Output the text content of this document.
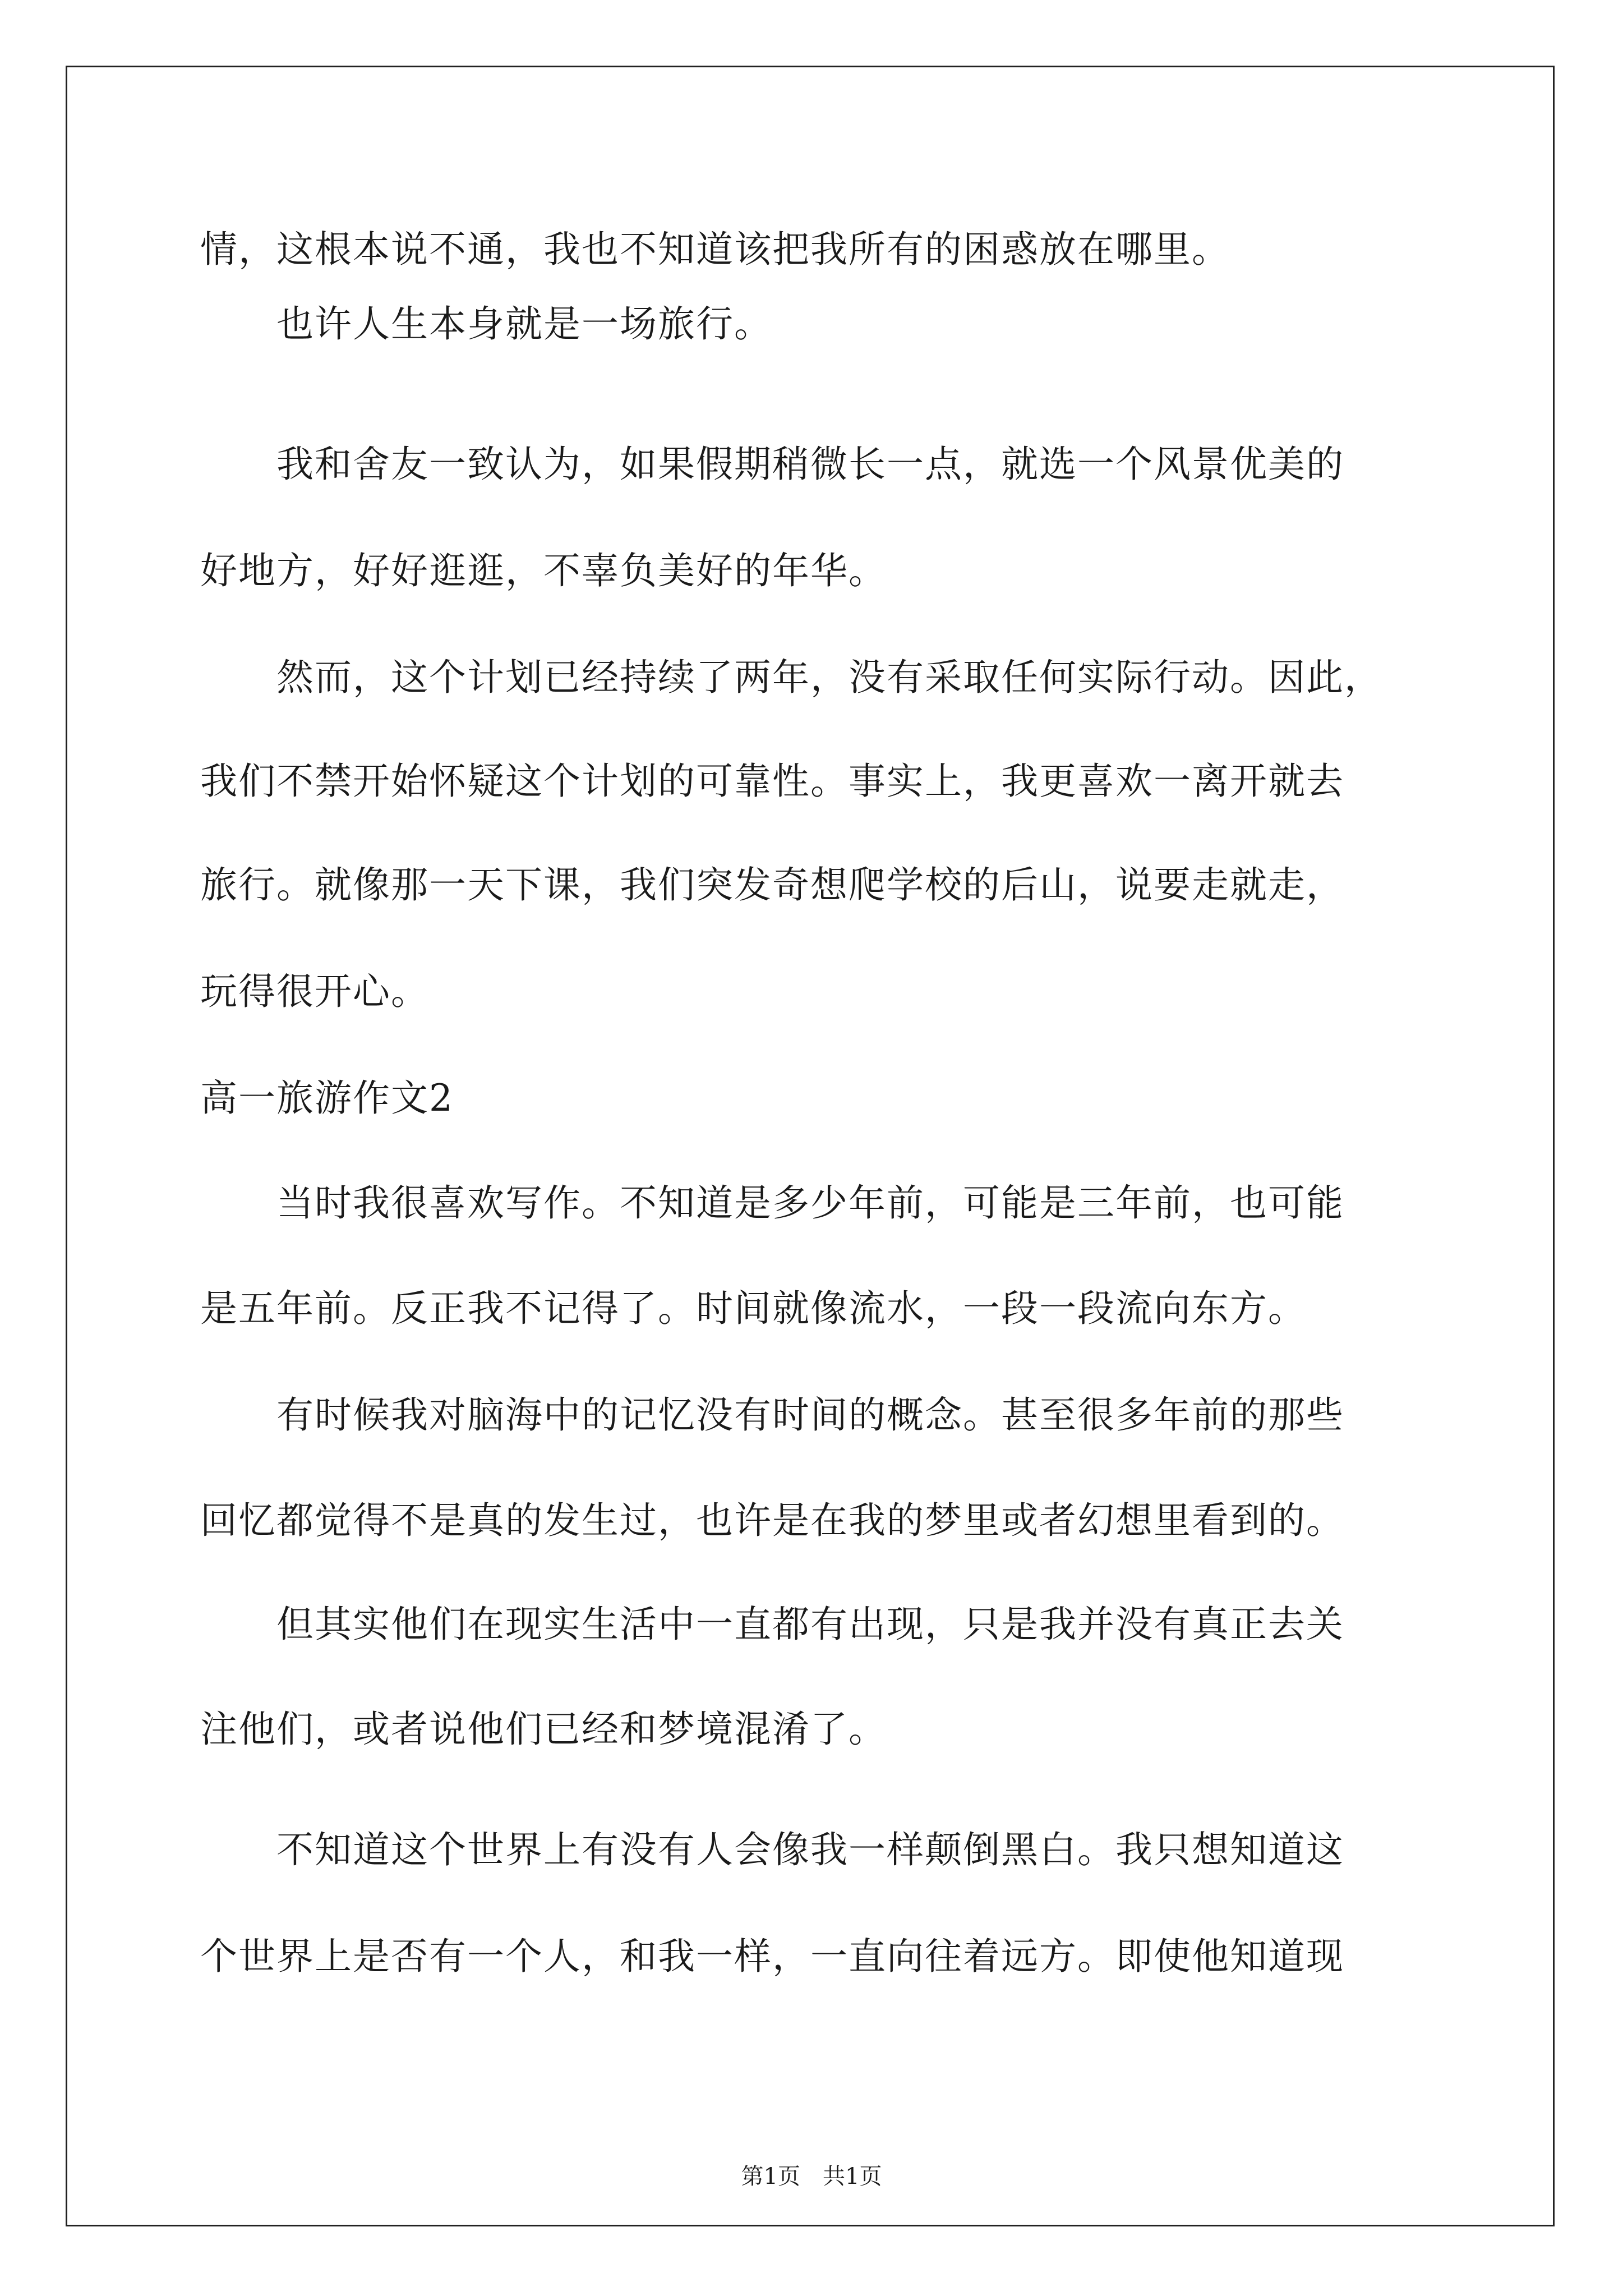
情，这根本说不通，我也不知道该把我所有的困惑放在哪里。
　　也许人生本身就是一场旅行。
　　我和舍友一致认为，如果假期稍微长一点，就选一个风景优美的
好地方，好好逛逛，不辜负美好的年华。
　　然而，这个计划已经持续了两年，没有采取任何实际行动。因此，
我们不禁开始怀疑这个计划的可靠性。事实上，我更喜欢一离开就去
旅行。就像那一天下课，我们突发奇想爬学校的后山，说要走就走，
玩得很开心。
高一旅游作文2
　　当时我很喜欢写作。不知道是多少年前，可能是三年前，也可能
是五年前。反正我不记得了。时间就像流水，一段一段流向东方。
　　有时候我对脑海中的记忆没有时间的概念。甚至很多年前的那些
回忆都觉得不是真的发生过，也许是在我的梦里或者幻想里看到的。
　　但其实他们在现实生活中一直都有出现，只是我并没有真正去关
注他们，或者说他们已经和梦境混淆了。
　　不知道这个世界上有没有人会像我一样颠倒黑白。我只想知道这
个世界上是否有一个人，和我一样，一直向往着远方。即使他知道现
第1页　共1页
